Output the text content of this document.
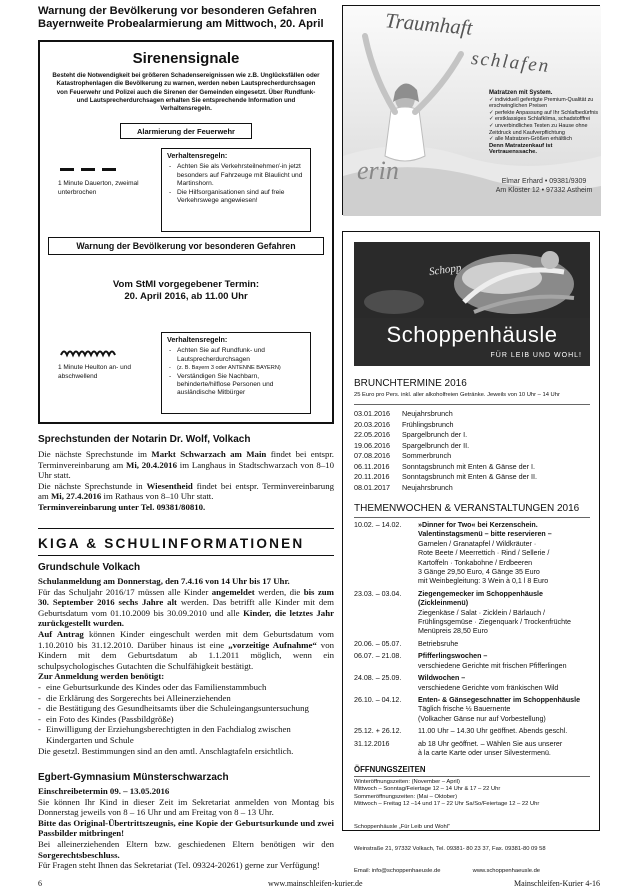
Warnung der Bevölkerung vor besonderen Gefahren
Bayernweite Probealarmierung am Mittwoch, 20. April
Sirenensignale
Besteht die Notwendigkeit bei größeren Schadensereignissen wie z.B. Unglücksfällen oder Katastrophenlagen die Bevölkerung zu warnen, werden neben Lautsprecherdurchsagen von Feuerwehr und Polizei auch die Sirenen der Gemeinden eingesetzt. Über Rundfunk- und Lautsprecherdurchsagen erhalten Sie entsprechende Information und Verhaltensregeln.
Alarmierung der Feuerwehr
1 Minute Dauerton, zweimal unterbrochen
Verhaltensregeln:
- Achten Sie als Verkehrsteilnehmer/-in jetzt besonders auf Fahrzeuge mit Blaulicht und Martinshorn.
- Die Hilfsorganisationen sind auf freie Verkehrswege angewiesen!
Warnung der Bevölkerung vor besonderen Gefahren
Vom StMI vorgegebener Termin:
20. April 2016, ab 11.00 Uhr
1 Minute Heulton an- und abschwellend
Verhaltensregeln:
- Achten Sie auf Rundfunk- und Lautsprecherdurchsagen
- (z. B. Bayern 3 oder ANTENNE BAYERN)
- Verständigen Sie Nachbarn, behinderte/hilflose Personen und ausländische Mitbürger
Sprechstunden der Notarin Dr. Wolf, Volkach
Die nächste Sprechstunde im Markt Schwarzach am Main findet bei entspr. Terminvereinbarung am Mi, 20.4.2016 im Langhaus in Stadtschwarzach von 8–10 Uhr statt.
Die nächste Sprechstunde in Wiesentheid findet bei entspr. Terminvereinbarung am Mi, 27.4.2016 im Rathaus von 8–10 Uhr statt.
Terminvereinbarung unter Tel. 09381/80810.
KIGA & SCHULINFORMATIONEN
Grundschule Volkach
Schulanmeldung am Donnerstag, den 7.4.16 von 14 Uhr bis 17 Uhr.
Für das Schuljahr 2016/17 müssen alle Kinder angemeldet werden, die bis zum 30. September 2016 sechs Jahre alt werden. Das betrifft alle Kinder mit dem Geburtsdatum vom 01.10.2009 bis 30.09.2010 und alle Kinder, die letztes Jahr zurückgestellt wurden.
Auf Antrag können Kinder eingeschult werden mit dem Geburtsdatum vom 1.10.2010 bis 31.12.2010. Darüber hinaus ist eine „vorzeitige Aufnahme“ von Kindern mit dem Geburtsdatum ab 1.1.2011 möglich, wenn ein schulpsychologisches Gutachten die Schulfähigkeit bestätigt.
Zur Anmeldung werden benötigt:
- eine Geburtsurkunde des Kindes oder das Familienstammbuch
- die Erklärung des Sorgerechts bei Alleinerziehenden
- die Bestätigung des Gesundheitsamts über die Schuleingangsuntersuchung
- ein Foto des Kindes (Passbildgröße)
- Einwilligung der Erziehungsberechtigten in den Fachdialog zwischen Kindergarten und Schule
Die gesetzl. Bestimmungen sind an den amtl. Anschlagtafeln ersichtlich.
Egbert-Gymnasium Münsterschwarzach
Einschreibetermin 09. – 13.05.2016
Sie können Ihr Kind in dieser Zeit im Sekretariat anmelden von Montag bis Donnerstag jeweils von 8 – 16 Uhr und am Freitag von 8 – 13 Uhr.
Bitte das Original-Übertrittszeugnis, eine Kopie der Geburtsurkunde und zwei Passbilder mitbringen!
Bei alleinerziehenden Eltern bzw. geschiedenen Eltern benötigen wir den Sorgerechtsbeschluss.
Für Fragen steht Ihnen das Sekretariat (Tel. 09324-20261) gerne zur Verfügung!
Traumhaft
schlafen
erin
Matratzen mit System.
✓ individuell gefertigte Premium-Qualität zu erschwinglichen Preisen
✓ perfekte Anpassung auf Ihr Schlafbedürfnis
✓ erstklassiges Schlafklima, schadstofffrei
✓ unverbindliches Testen zu Hause ohne Zeitdruck und Kaufverpflichtung
✓ alle Matratzen-Größen erhältlich
Denn Matratzenkauf ist Vertrauenssache.
Elmar Erhard • 09381/9309
Am Kloster 12 • 97332 Astheim
Schopp
Schoppenhäusle
FÜR LEIB UND WOHL!
BRUNCHTERMINE 2016
25 Euro pro Pers. inkl. aller alkoholfreien Getränke. Jeweils von 10 Uhr – 14 Uhr
03.01.2016	Neujahrsbrunch
20.03.2016	Frühlingsbrunch
22.05.2016	Spargelbrunch der I.
19.06.2016	Spargelbrunch der II.
07.08.2016	Sommerbrunch
06.11.2016	Sonntagsbrunch mit Enten & Gänse der I.
20.11.2016	Sonntagsbrunch mit Enten & Gänse der II.
08.01.2017	Neujahrsbrunch
THEMENWOCHEN & VERANSTALTUNGEN 2016
10.02. – 14.02.	»Dinner for Two« bei Kerzenschein.
Valentinstagsmenü – bitte reservieren –
Garnelen / Granatapfel / Wildkräuter ·
Rote Beete / Meerrettich · Rind / Sellerie /
Kartoffeln · Tonkabohne / Erdbeeren
3 Gänge 29,50 Euro, 4 Gänge 35 Euro
mit Weinbegleitung: 3 Wein à 0,1 l 8 Euro
23.03. – 03.04.	Ziegengemecker im Schoppenhäusle (Zickleinmenü)
Ziegenkäse / Salat · Zicklein / Bärlauch /
Frühlingsgemüse · Ziegenquark / Trockenfrüchte
Menüpreis 28,50 Euro
20.06. – 05.07.	Betriebsruhe
06.07. – 21.08.	Pfifferlingswochen –
verschiedene Gerichte mit frischen Pfifferlingen
24.08. – 25.09.	Wildwochen –
verschiedene Gerichte vom fränkischen Wild
26.10. – 04.12.	Enten- & Gänsegeschnatter im Schoppenhäusle
Täglich frische ½ Bauernente
(Volkacher Gänse nur auf Vorbestellung)
25.12. + 26.12.	11.00 Uhr – 14.30 Uhr geöffnet. Abends geschl.
31.12.2016	ab 18 Uhr geöffnet. – Wählen Sie aus unserer
à la carte Karte oder unser Silvestermenü.
ÖFFNUNGSZEITEN
Winteröffnungszeiten: (November – April)
Mittwoch – Sonntag/Feiertage 12 – 14 Uhr & 17 – 22 Uhr
Sommeröffnungszeiten: (Mai – Oktober)
Mittwoch – Freitag 12 –14 und 17 – 22 Uhr Sa/So/Feiertage 12 – 22 Uhr

Schoppenhäusle „Für Leib und Wohl“

Weinstraße 21, 97332 Volkach, Tel. 09381- 80 23 37, Fax. 09381-80 09 58

Email: info@schoppenhaeusle.de                    www.schoppenhaeusle.de

6	www.mainschleifen-kurier.de	Mainschleifen-Kurier 4-16
